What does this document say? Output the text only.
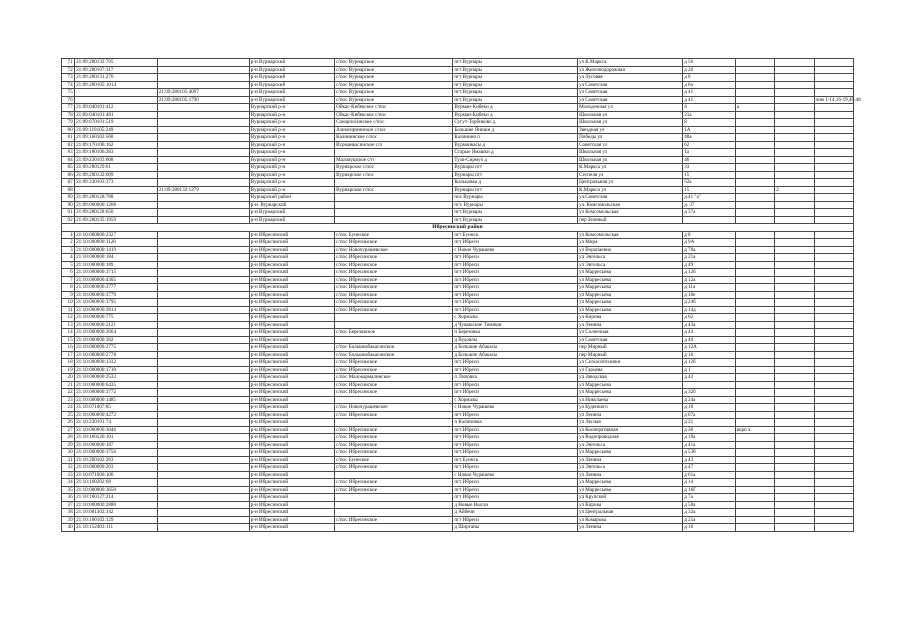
71	21:09:280132:705		р-н Вурнарский	с/пос Вурнарское	пгт Вурнары	ул К.Маркса	д 56			
72	21:09:280107:317		р-н Вурнарский	с/пос Вурнарское	пгт Вурнары	ул Железнодорожная	д 20			
73	21:09:280131:270		р-н Вурнарский	с/пос Вурнарское	пгт Вурнары	ул Луговая	д 8			
74	21:09:280105:1014		р-н Вурнарский	с/пос Вурнарское	пгт Вурнары	ул Советская	д 6а			
75		21:09:280105:4097	р-н Вурнарский	с/пос Вурнарское	пгт Вурнары	ул Советская	д 41			
76		21:09:280105:1790	р-н Вурнарский	с/пос Вурнарское	пгт Вурнары	ул Советская	д 41			пом 1-14,16-19,40-48
77	21:09:040101:412		Вурнарский р-н	Ойкас-Кибекское с/пос	Вурман-Кибеки д	Молодежная ул	4	а		
78	21:09:040101:481		Вурнарский р-н	Ойкас-Кибекское с/пос	Вурман-Кибеки д	Школьная ул	21а			
79	21:09:070101:519		Вурнарский р-н	Санарпосинское с/пос	Сугут-Торбиково д	Школьная ул	8			
80	21:09:110105:249		Вурнарский р-н	Азимсирминское с/пос	Большие Яниши д	Звездная ул	1А			
81	21:09:160102:560		Вурнарский р-н	Калининское с/пос	Калинино п	Победы ул	48а			
82	21:09:170106:162		Вурнарский р-н	Вурманкасинское с/п	Вурманкасы д	Советская ул	62			
83	21:09:180106:283		Вурнарский р-н		Старые Ямашки д	Школьная ул	1а			
84	21:09:230103:608		Вурнарский р-н	Малояушское с/п	Тузи-Сирмуч д	Школьная ул	46			
85	21:09:280129:61		Вурнарский р-н	Вурнарское с/пос	Вурнары пгт	К.Маркса ул	33			
86	21:09:280132:609		Вурнарский р-н	Вурнарское с/пос	Вурнары пгт	Сеспеля ул	15			
87	21:09:330103:373		Вурнарский р-н		Кольцовка д	Центральная ул	52а			
88		21:09:280132:1279	Вурнарский р-н	Вурнарское с/пос	Вурнары пгт	К.Маркса ул	15		2	
89	21:09:280128:788		Вурнарский район		пос.Вурнары	ул.Советская	д.41 "а"			
90	21:09:000000:1266		р-н. Вурнарский		пгт. Вурнары	ул. Комсомольская	д. 37			
91	21:09:280128:650		р-н Вурнарский		пгт Вурнары	ул Комсомольская	д 37а			
92	21:09:280135:1959		р-н Вурнарский		пгт Вурнары	пер Зеленый				
Ибресинский район										
1	21:10:000000:2327		р-н Ибресинский	с/пос Буинское	пгт Буинск	ул Комсомольская	д 8			
2	21:10:000000:1128		р-н Ибресинский	с/пос Ибресинское	пгт Ибреси	ул Мира	д 9А			
3	21:10:000000:1419		р-н Ибресинский	с/пос Новочурашевское	с Новое Чурашево	ул Воропаевна	д 78а			
4	21:10:000000:184		р-н Ибресинский	с/пос Ибресинское	пгт Ибреси	ул Энгельса	д 21а			
5	21:10:000000:189		р-н Ибресинский	с/пос Ибресинское	пгт Ибреси	ул Энгельса	д 49			
6	21:10:000000:3715		р-н Ибресинский	с/пос Ибресинское	пгт Ибреси	ул Марресьева	д 12б			
7	21:10:000000:4305		р-н Ибресинский	с/пос Ибресинское	пгт Ибреси	ул Марресьева	д 12а			
8	21:10:000000:3777		р-н Ибресинский	с/пос Ибресинское	пгт Ибреси	ул Марресьева	д 11а			
9	21:10:000000:3779		р-н Ибресинский	с/пос Ибресинское	пгт Ибреси	ул Марресьева	д 10е			
10	21:10:000000:3795		р-н Ибресинский	с/пос Ибресинское	пгт Ибреси	ул Марресьева	д 24б			
11	21:10:000000:3814		р-н Ибресинский	с/пос Ибресинское	пгт Ибреси	ул Марресьева	д 14д			
12	21:10:000000:775		р-н Ибресинский		с Хормалы	ул Кирова	д 62			
13	21:10:000000:2121		р-н Ибресинский		д Чувашские Тимяши	ул Ленина	д 43а			
14	21:10:000000:2664		р-н Ибресинский	с/пос Березовское	п Березовка	ул Солнечная	д 44			
15	21:10:000000:382		р-н Ибресинский		д Вудоялы	ул Советская	д 40			
16	21:10:000000:2775		р-н Ибресинский	с/пос Большеабакасинское	д Большие Абакасы	пер Мирный	д 12А			
17	21:10:000000:2778		р-н Ибресинский	с/пос Большеабакасинское	д Большие Абакасы	пер Мирный	д 16			
18	21:10:000000:1332		р-н Ибресинский	с/пос Ибресинское	пгт Ибреси	ул Сельхозтехники	д 12б			
19	21:10:000000:1710		р-н Ибресинский	с/пос Ибресинское	пгт Ибреси	ул Гарцева	д 1			
20	21:10:000000:2533		р-н Ибресинский	с/пос Малокармалинское	п Липовка	ул Заводская	д 42			
21	21:10:000000:6435		р-н Ибресинский	с/пос Ибресинское	пгт Ибреси	ул Марресьева				
22	21:10:000000:3772		р-н Ибресинский	с/пос Ибресинское	пгт Ибреси	ул Марресьева	д 32б			
23	21:10:000000:1485		р-н Ибресинский		с Хормалы	ул Николаева	д 24а			
24	21:10:071007:85		р-н Ибресинский	с/пос Новочурашевское	с Новое Чурашево	ул Буденного	д 18			
25	21:10:000000:4272		р-н Ибресинский	с/пос Ибресинское	пгт Ибреси	ул Ленина	д 67а			
26	21:10:230101:74		р-н Ибресинский		п Калиновка	ул Лесная	д 21			
27	21:10:000000:3046		р-н Ибресинский	с/пос Ибресинское	пгт Ибреси	ул Кооперативная	д 30	корп а		
28	21:10:160126:101		р-н Ибресинский	с/пос Ибресинское	пгт Ибреси	ул Водопроводная	д 18а			
29	21:10:000000:187		р-н Ибресинский	с/пос Ибресинское	пгт Ибреси	ул Энгельса	д 41а			
30	21:10:000000:3756		р-н Ибресинский	с/пос Ибресинское	пгт Ибреси	ул Марресьева	д 53б			
31	21:10:200102:263		р-н Ибресинский	с/пос Буинское	пгт Буинск	ул Ленина	д 43			
32	21:10:000000:203		р-н Ибресинский	с/пос Ибресинское	пгт Ибреси	ул Энгельса	д 47			
33	21:10:071006:100		р-н Ибресинский		с Новое Чурашево	ул Ленина	д 61а			
34	21:10:160202:68		р-н Ибресинский	с/пос Ибресинское	пгт Ибреси	ул Марресьева	д 14			
35	21:10:000000:3650		р-н Ибресинский	с/пос Ибресинское	пгт Ибреси	ул Марресьева	д 16Г			
36	21:10:160127:214		р-н Ибресинский		пгт Ибреси	ул Крупской	д 7а			
37	21:10:000000:2880		р-н Ибресинский		д Новые Высли	ул Кирова	д 58а			
38	21:10:081302:142		р-н Ибресинский		д Айбечи	ул Центральная	д 32а			
39	21:10:160102:129		р-н Ибресинский	с/пос Ибресинское	пгт Ибреси	ул Комарова	д 25а			
40	21:10:152403:111		р-н Ибресинский		д Ширтаны	ул Ленина	д 18			
